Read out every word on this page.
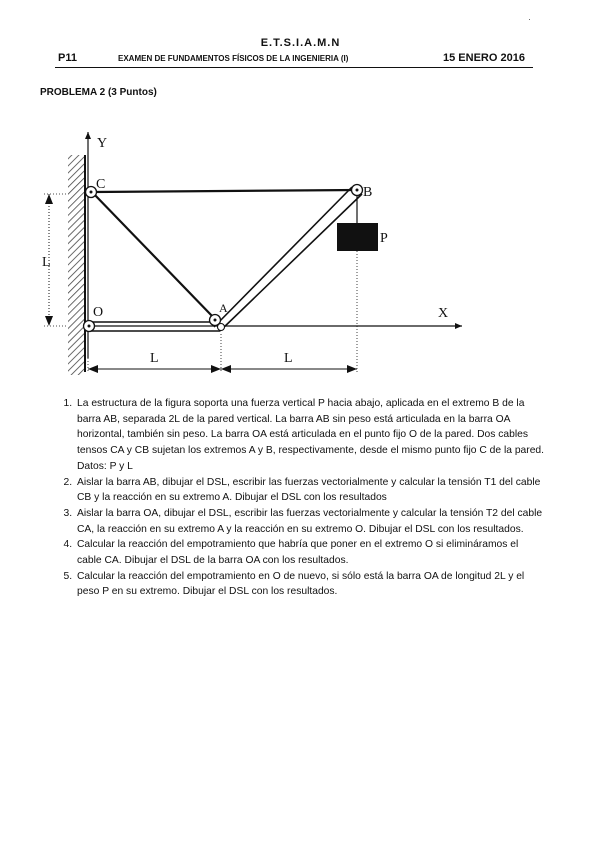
·
E.T.S.I.A.M.N
P11	EXAMEN DE FUNDAMENTOS FÍSICOS DE LA INGENIERIA (I)	15 ENERO 2016
PROBLEMA 2 (3 Puntos)
Y
X
C
B
O	A
P
L
L	L
1. La estructura de la figura soporta una fuerza vertical P hacia abajo, aplicada en el extremo B de la barra AB, separada 2L de la pared vertical. La barra AB sin peso está articulada en la barra OA horizontal, también sin peso. La barra OA está articulada en el punto fijo O de la pared. Dos cables tensos CA y CB sujetan los extremos A y B, respectivamente, desde el mismo punto fijo C de la pared. Datos: P y L
2. Aislar la barra AB, dibujar el DSL, escribir las fuerzas vectorialmente y calcular la tensión T1 del cable CB y la reacción en su extremo A. Dibujar el DSL con los resultados
3. Aislar la barra OA, dibujar el DSL, escribir las fuerzas vectorialmente y calcular la tensión T2 del cable CA, la reacción en su extremo A y la reacción en su extremo O. Dibujar el DSL con los resultados.
4. Calcular la reacción del empotramiento que habría que poner en el extremo O si elimináramos el cable CA. Dibujar el DSL de la barra OA con los resultados.
5. Calcular la reacción del empotramiento en O de nuevo, si sólo está la barra OA de longitud 2L y el peso P en su extremo. Dibujar el DSL con los resultados.
